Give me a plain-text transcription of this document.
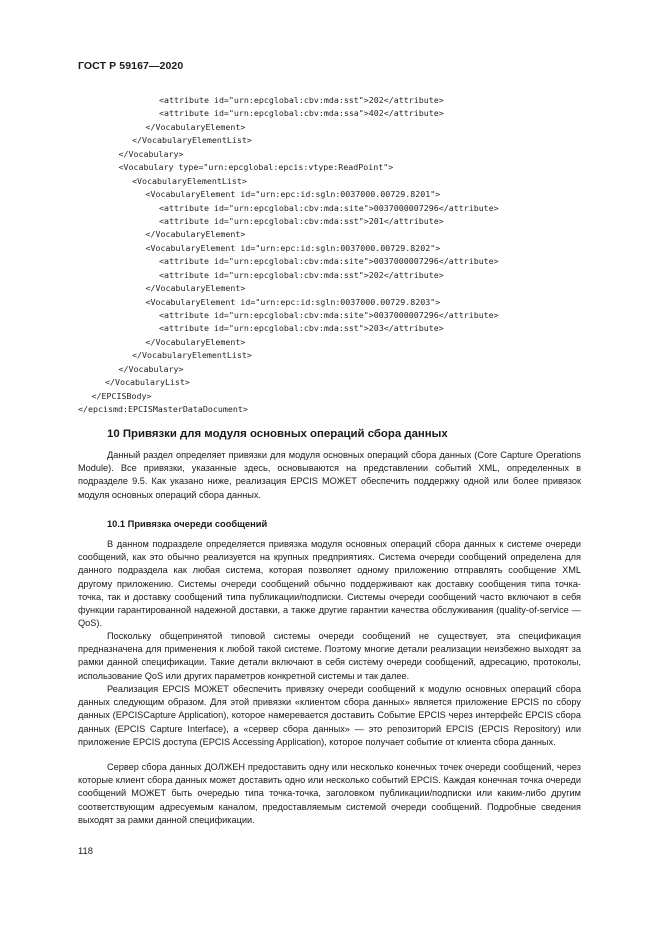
ГОСТ Р 59167—2020
<attribute id="urn:epcglobal:cbv:mda:sst">202</attribute>
<attribute id="urn:epcglobal:cbv:mda:ssa">402</attribute>
</VocabularyElement>
</VocabularyElementList>
</Vocabulary>
<Vocabulary type="urn:epcglobal:epcis:vtype:ReadPoint">
<VocabularyElementList>
<VocabularyElement id="urn:epc:id:sgln:0037000.00729.8201">
<attribute id="urn:epcglobal:cbv:mda:site">0037000007296</attribute>
<attribute id="urn:epcglobal:cbv:mda:sst">201</attribute>
</VocabularyElement>
<VocabularyElement id="urn:epc:id:sgln:0037000.00729.8202">
<attribute id="urn:epcglobal:cbv:mda:site">0037000007296</attribute>
<attribute id="urn:epcglobal:cbv:mda:sst">202</attribute>
</VocabularyElement>
<VocabularyElement id="urn:epc:id:sgln:0037000.00729.8203">
<attribute id="urn:epcglobal:cbv:mda:site">0037000007296</attribute>
<attribute id="urn:epcglobal:cbv:mda:sst">203</attribute>
</VocabularyElement>
</VocabularyElementList>
</Vocabulary>
</VocabularyList>
</EPCISBody>
</epcismd:EPCISMasterDataDocument>
10 Привязки для модуля основных операций сбора данных

Данный раздел определяет привязки для модуля основных операций сбора данных (Core Capture Operations Module). Все привязки, указанные здесь, основываются на представлении событий XML, определенных в подразделе 9.5. Как указано ниже, реализация EPCIS МОЖЕТ обеспечить поддержку одной или более привязок модуля основных операций сбора данных.

10.1 Привязка очереди сообщений

В данном подразделе определяется привязка модуля основных операций сбора данных к системе очереди сообщений, как это обычно реализуется на крупных предприятиях. Система очереди сообщений определена для данного подраздела как любая система, которая позволяет одному приложению отправлять сообщение XML другому приложению. Системы очереди сообщений обычно поддерживают как доставку сообщения типа точка-точка, так и доставку сообщений типа публикации/подписки. Системы очереди сообщений часто включают в себя функции гарантированной надежной доставки, а также другие гарантии качества обслуживания (quality-of-service — QoS).

Поскольку общепринятой типовой системы очереди сообщений не существует, эта спецификация предназначена для применения к любой такой системе. Поэтому многие детали реализации неизбежно выходят за рамки данной спецификации. Такие детали включают в себя систему очереди сообщений, адресацию, протоколы, использование QoS или других параметров конкретной системы и так далее.

Реализация EPCIS МОЖЕТ обеспечить привязку очереди сообщений к модулю основных операций сбора данных следующим образом. Для этой привязки «клиентом сбора данных» является приложение EPCIS по сбору данных (EPCISCapture Application), которое намеревается доставить Событие EPCIS через интерфейс EPCIS сбора данных (EPCIS Capture Interface), а «сервер сбора данных» — это репозиторий EPCIS (EPCIS Repository) или приложение EPCIS доступа (EPCIS Accessing Application), которое получает событие от клиента сбора данных.

Сервер сбора данных ДОЛЖЕН предоставить одну или несколько конечных точек очереди сообщений, через которые клиент сбора данных может доставить одно или несколько событий EPCIS. Каждая конечная точка очереди сообщений МОЖЕТ быть очередью типа точка-точка, заголовком публикации/подписки или каким-либо другим соответствующим адресуемым каналом, предоставляемым системой очереди сообщений. Подробные сведения выходят за рамки данной спецификации.

118
